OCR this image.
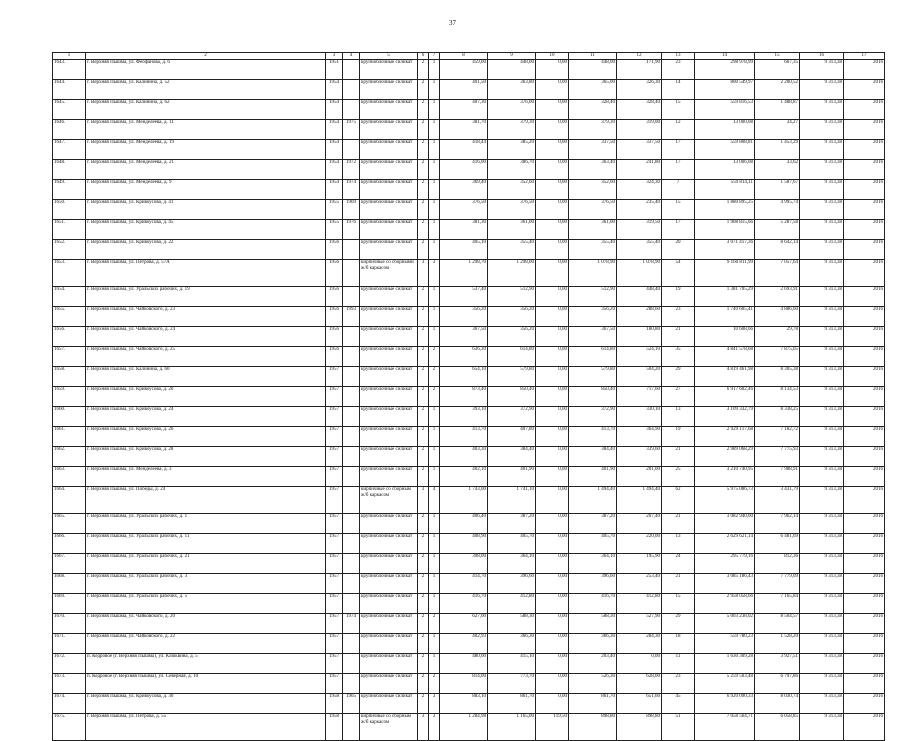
37
1	2	3	4	5	6	7	8	9	10	11	12	13	14	15	16	17
1643.	г. Верхняя Пышма, ул. Феофанова, д. 6	1951		крупноблочные силикат	2	1	459,00	448,00	0,00	448,00	171,90	23	298 978,99	667,35	9 313,38	2016
1644.	г. Верхняя Пышма, ул. Калинина, д. 52	1954		крупноблочные силикат	2	1	401,50	363,80	0,00	365,00	326,30	14	800 549,97	2 200,52	9 313,38	2016
1645.	г. Верхняя Пышма, ул. Калинина, д. 62	1954		крупноблочные силикат	2	1	407,30	376,00	0,00	328,40	328,40	15	559 816,53	1 488,87	9 313,38	2016
1646.	г. Верхняя Пышма, ул. Менделеева, д. 11	1954	1975	крупноблочные силикат	2	1	381,70	379,30	0,00	379,30	319,00	12	13 000,08	34,27	9 313,38	2016
1647.	г. Верхняя Пышма, ул. Менделеева, д. 19	1954		крупноблочные силикат	2	1	418,44	385,20	0,00	337,50	337,50	17	559 808,81	1 453,29	9 313,38	2016
1648.	г. Верхняя Пышма, ул. Менделеева, д. 21	1954	1972	крупноблочные силикат	2	1	416,00	386,70	0,00	363,40	241,80	17	13 006,08	33,62	9 313,38	2016
1649.	г. Верхняя Пышма, ул. Менделеева, д. 9	1954	1974	крупноблочные силикат	2	1	369,40	352,60	0,00	352,60	324,30	7	559 814,11	1 587,67	9 313,38	2016
1650.	г. Верхняя Пышма, ул. Кривоусова, д. 41	1955	1969	крупноблочные силикат	2	1	376,50	376,50	0,00	376,50	235,40	15	1 880 895,25	4 995,74	9 313,38	2016
1651.	г. Верхняя Пышма, ул. Кривоусова, д. 45	1955	1976	крупноблочные силикат	2	1	381,30	361,00	0,00	361,00	319,50	17	1 908 815,66	5 287,58	9 313,38	2016
1652.	г. Верхняя Пышма, ул. Кривоусова, д. 22	1956		крупноблочные силикат	2	1	405,10	355,40	0,00	355,40	355,40	20	3 071 417,36	8 642,14	9 313,38	2016
1653.	г. Верхняя Пышма, ул. Петрова, д. 57А	1956		кирпичные со сборными ж/б каркасом	3	3	1 298,70	1 298,00	0,00	1 078,90	1 078,90	54	9 160 811,99	7 057,64	9 313,38	2016
1654.	г. Верхняя Пышма, ул. Уральских рабочих, д. 19	1956		крупноблочные силикат	2	1	537,40	512,90	0,00	512,90	448,40	19	1 381 705,29	2 693,91	9 313,38	2016
1655.	г. Верхняя Пышма, ул. Чайковского, д. 23	1956	1993	крупноблочные силикат	2	1	356,20	356,20	0,00	356,20	288,60	23	1 740 605,41	4 886,60	9 313,38	2016
1656.	г. Верхняя Пышма, ул. Чайковского, д. 24	1956		крупноблочные силикат	2	1	367,50	356,20	0,00	367,50	180,80	21	10 608,66	29,78	9 313,38	2016
1657.	г. Верхняя Пышма, ул. Чайковского, д. 25	1956		крупноблочные силикат	2	2	636,30	614,80	0,00	614,80	524,10	35	4 841 578,68	7 875,05	9 313,38	2016
1658.	г. Верхняя Пышма, ул. Калинина, д. 60	1957		крупноблочные силикат	2	2	654,10	579,80	0,00	579,80	504,20	29	4 819 461,98	8 305,38	9 313,38	2016
1659.	г. Верхняя Пышма, ул. Кривоусова, д. 20	1957		крупноблочные силикат	2	2	873,40	850,40	0,00	850,40	717,60	27	6 917 602,46	8 134,53	9 313,38	2016
1660.	г. Верхняя Пышма, ул. Кривоусова, д. 24	1957		крупноблочные силикат	2	1	393,10	372,90	0,00	372,90	330,10	13	3 109 332,79	8 338,25	9 313,38	2016
1661.	г. Верхняя Пышма, ул. Кривоусова, д. 26	1957		крупноблочные силикат	2	1	413,70	407,80	0,00	413,70	364,90	19	2 929 117,68	7 182,72	9 313,38	2016
1662.	г. Верхняя Пышма, ул. Кривоусова, д. 28	1957		крупноблочные силикат	2	1	403,30	384,40	0,00	384,40	339,60	21	2 989 068,29	7 775,93	9 313,38	2016
1663.	г. Верхняя Пышма, ул. Менделеева, д. 3	1957		крупноблочные силикат	2	1	402,10	401,90	0,00	401,90	201,00	25	3 210 740,95	7 988,91	9 313,38	2016
1664.	г. Верхняя Пышма, ул. Победы, д. 24	1957		кирпичные со сборным ж/б каркасом	3	4	1 743,00	1 741,10	0,00	1 494,40	1 494,40	62	5 975 086,73	3 431,79	9 313,38	2016
1665.	г. Верхняя Пышма, ул. Уральских рабочих, д. 1	1957		крупноблочные силикат	2	1	406,40	387,20	0,00	387,20	267,40	21	3 082 940,00	7 962,14	9 313,38	2016
1666.	г. Верхняя Пышма, ул. Уральских рабочих, д. 11	1957		крупноблочные силикат	2	1	408,90	405,70	0,00	405,70	220,00	13	2 629 621,14	6 481,69	9 313,38	2016
1667.	г. Верхняя Пышма, ул. Уральских рабочих, д. 21	1957		крупноблочные силикат	2	1	398,00	364,10	0,00	364,10	195,90	24	295 779,16	812,36	9 313,38	2016
1668.	г. Верхняя Пышма, ул. Уральских рабочих, д. 3	1957		крупноблочные силикат	2	1	414,70	396,60	0,00	396,60	253,40	21	3 085 186,43	7 779,09	9 313,38	2016
1669.	г. Верхняя Пышма, ул. Уральских рабочих, д. 5	1957		крупноблочные силикат	2	1	416,70	412,80	0,00	416,70	412,80	15	2 958 058,66	7 165,84	9 313,38	2016
1670.	г. Верхняя Пышма, ул. Чайковского, д. 20	1957	1974	крупноблочные силикат	2	2	627,00	588,30	0,00	588,30	527,90	29	5 003 238,02	8 504,57	9 313,38	2016
1671.	г. Верхняя Пышма, ул. Чайковского, д. 22	1957		крупноблочные силикат	2	1	402,93	366,30	0,00	366,30	284,30	18	559 780,23	1 528,20	9 313,38	2016
1672.	п. Кедровое (г. Верхняя Пышма), ул. Клюквина, д. 5	1957		крупноблочные силикат	2	1	480,00	415,10	0,00	203,40	0,00	11	1 630 309,28	3 927,51	9 313,38	2016
1673.	п. Кедровое (г. Верхняя Пышма), ул. Северная, д. 10	1957		крупноблочные силикат	2	2	814,00	773,70	0,00	526,30	628,00	23	5 259 503,48	6 797,86	9 313,38	2016
1674.	г. Верхняя Пышма, ул. Кривоусова, д. 30	1958	1965	крупноблочные силикат	2	3	883,10	861,70	0,00	861,70	651,60	45	6 920 090,33	8 030,74	9 313,38	2016
1675.	г. Верхняя Пышма, ул. Петрова, д. 55	1958		кирпичные со сборным ж/б каркасом	3	3	1 284,98	1 165,00	119,50	898,80	898,80	51	7 058 564,71	6 058,85	9 313,38	2016
